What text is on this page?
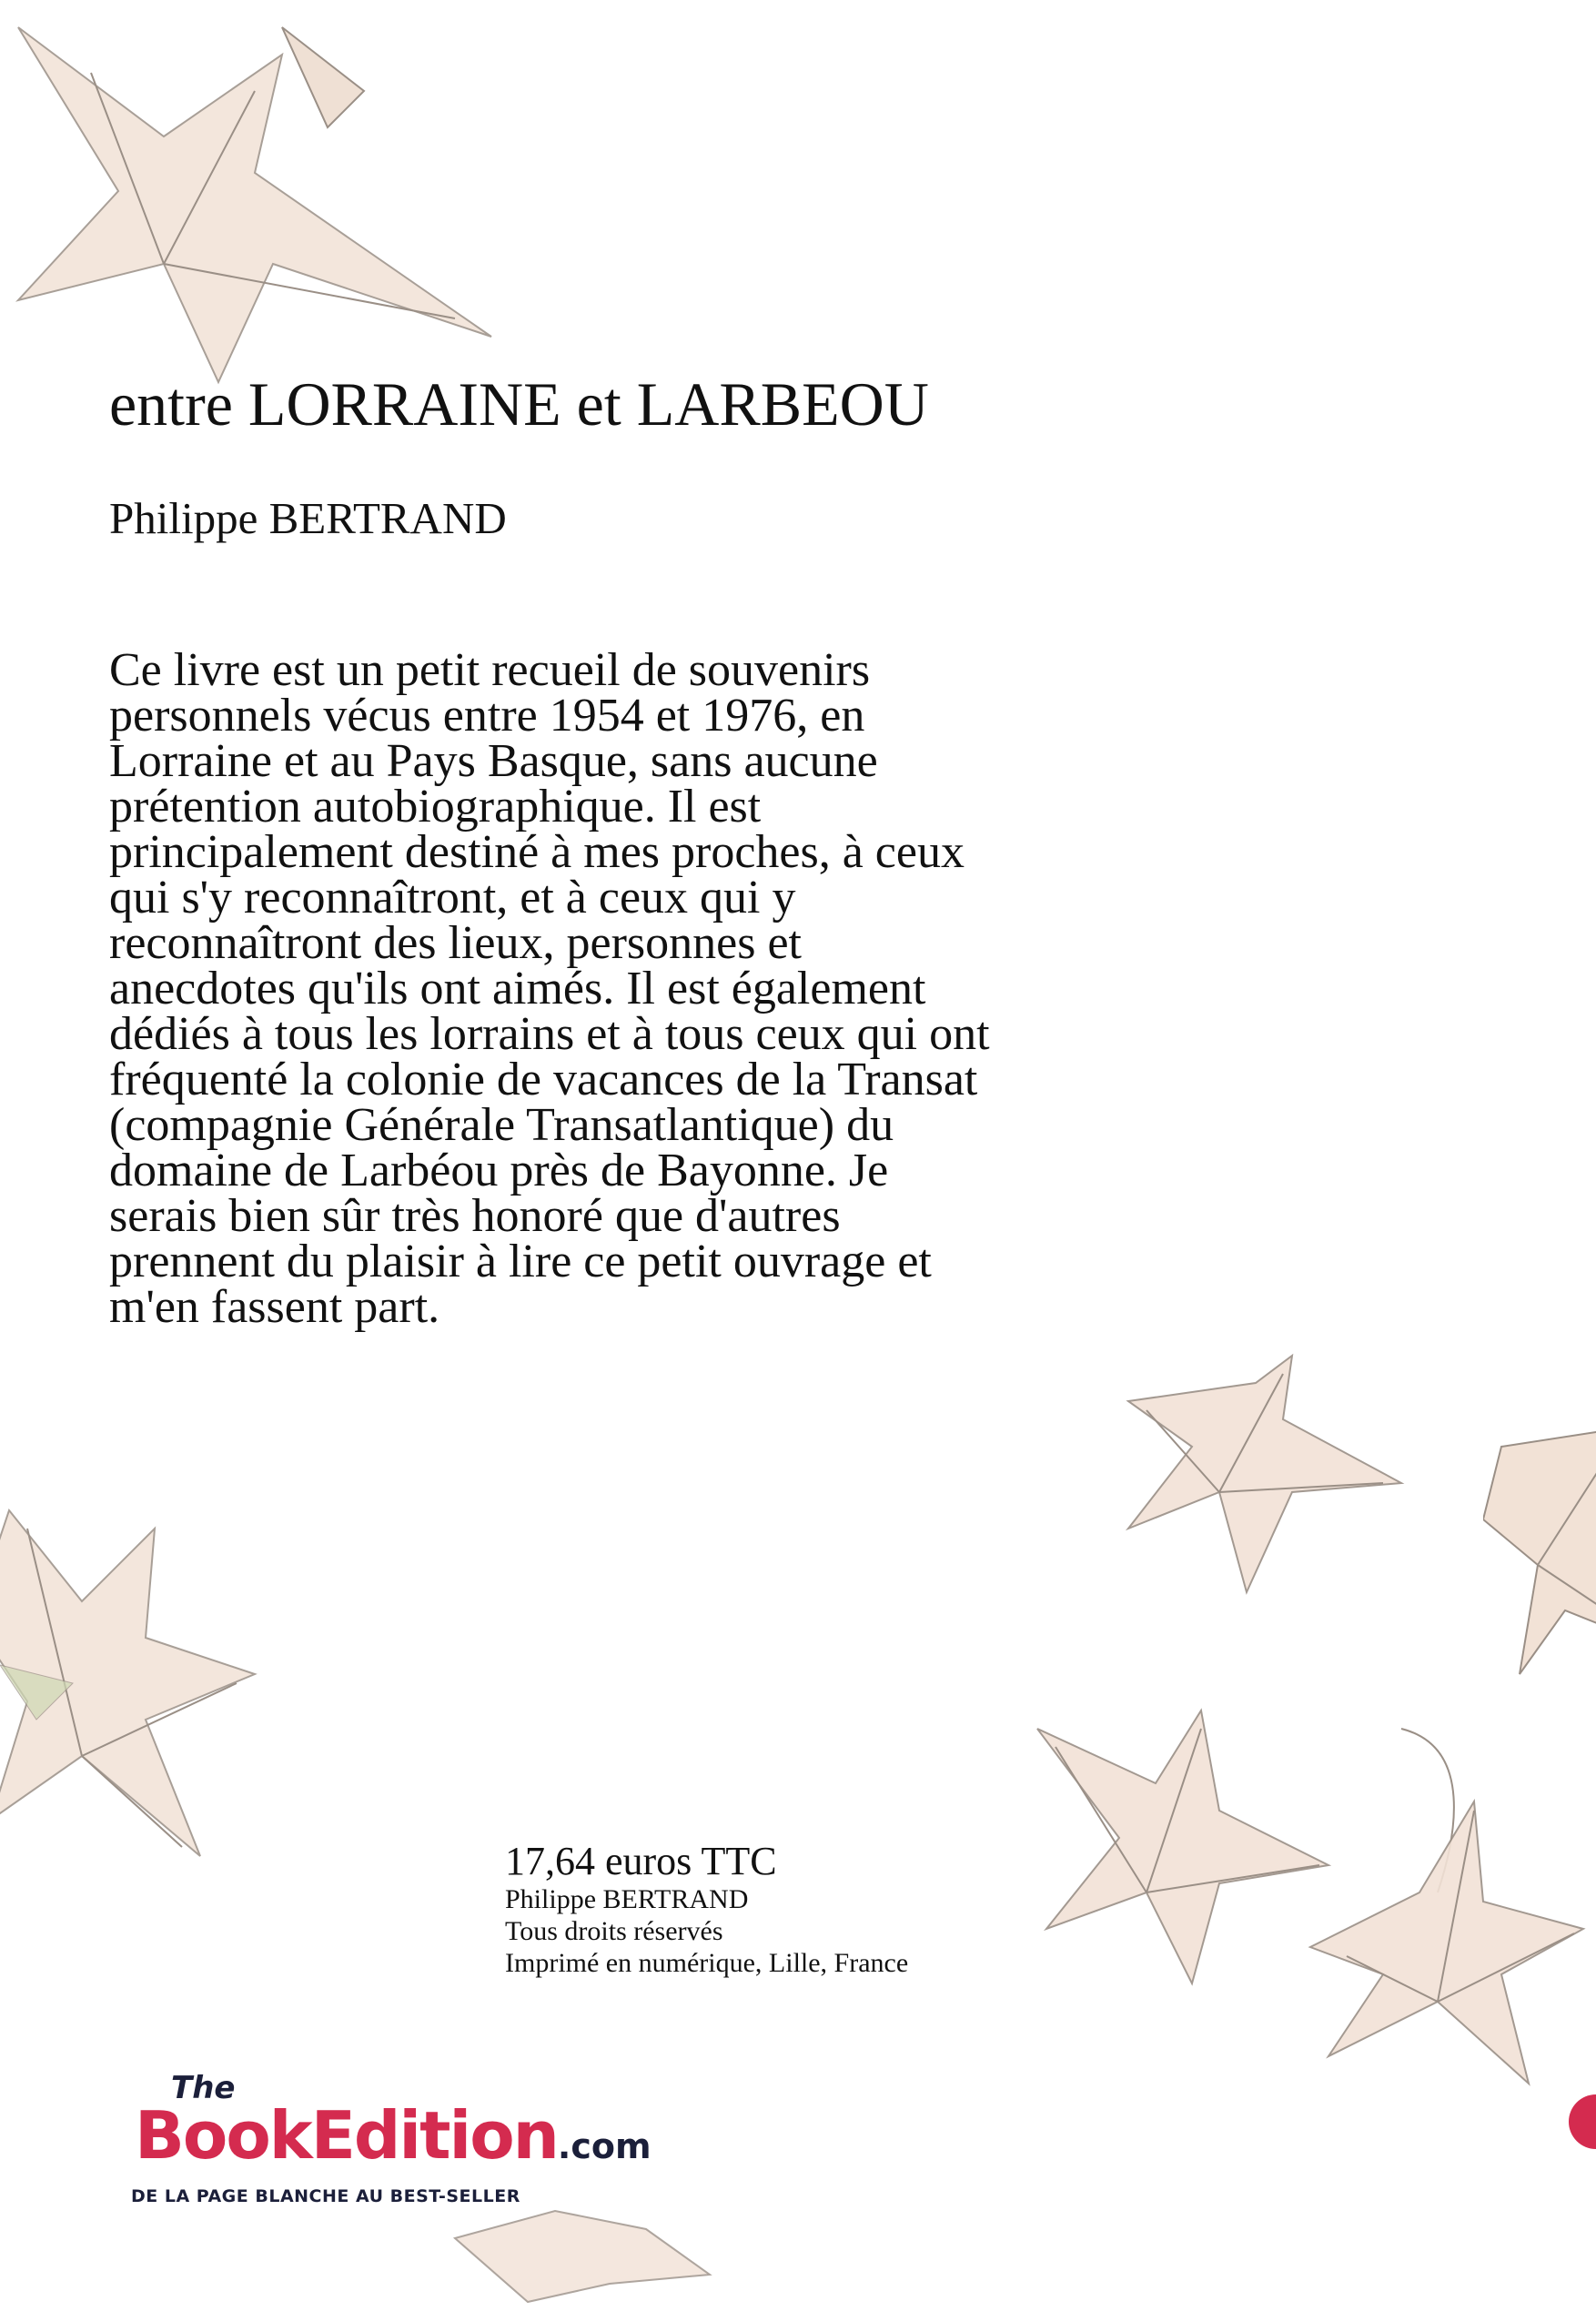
entre LORRAINE et LARBEOU

Philippe BERTRAND

Ce livre est un petit recueil de souvenirs
personnels vécus entre 1954 et 1976, en
Lorraine et au Pays Basque, sans aucune
prétention autobiographique. Il est
principalement destiné à mes proches, à ceux
qui s'y reconnaîtront, et à ceux qui y
reconnaîtront des lieux, personnes et
anecdotes qu'ils ont aimés. Il est également
dédiés à tous les lorrains et à tous ceux qui ont
fréquenté la colonie de vacances de la Transat
(compagnie Générale Transatlantique) du
domaine de Larbéou près de Bayonne. Je
serais bien sûr très honoré que d'autres
prennent du plaisir à lire ce petit ouvrage et
m'en fassent part.
17,64 euros TTC
Philippe BERTRAND
Tous droits réservés
Imprimé en numérique, Lille, France
The
BookEdition.com
DE LA PAGE BLANCHE AU BEST-SELLER
